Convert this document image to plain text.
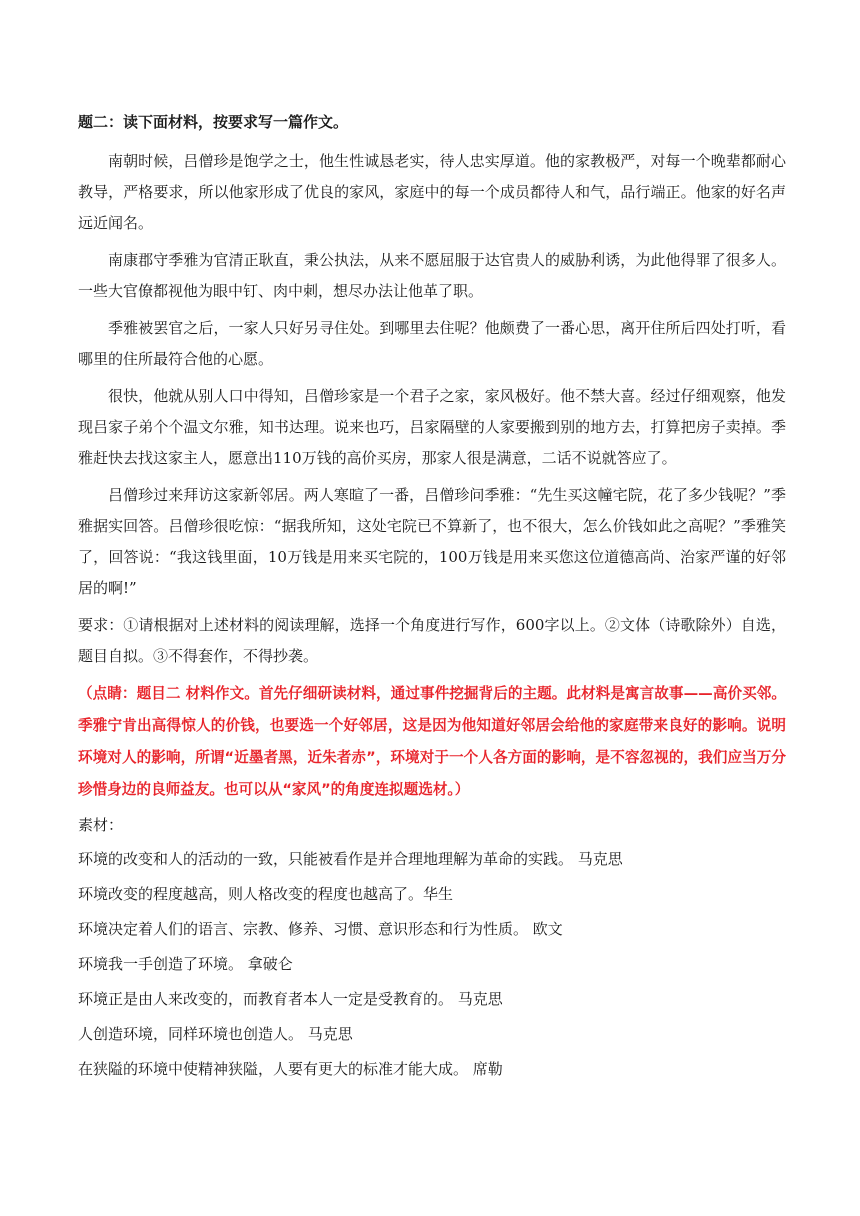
题二：读下面材料，按要求写一篇作文。

南朝时候，吕僧珍是饱学之士，他生性诚恳老实，待人忠实厚道。他的家教极严，对每一个晚辈都耐心教导，严格要求，所以他家形成了优良的家风，家庭中的每一个成员都待人和气，品行端正。他家的好名声远近闻名。

南康郡守季雅为官清正耿直，秉公执法，从来不愿屈服于达官贵人的威胁利诱，为此他得罪了很多人。一些大官僚都视他为眼中钉、肉中刺，想尽办法让他革了职。

季雅被罢官之后，一家人只好另寻住处。到哪里去住呢？他颇费了一番心思，离开住所后四处打听，看哪里的住所最符合他的心愿。

很快，他就从别人口中得知，吕僧珍家是一个君子之家，家风极好。他不禁大喜。经过仔细观察，他发现吕家子弟个个温文尔雅，知书达理。说来也巧，吕家隔壁的人家要搬到别的地方去，打算把房子卖掉。季雅赶快去找这家主人，愿意出110万钱的高价买房，那家人很是满意，二话不说就答应了。

吕僧珍过来拜访这家新邻居。两人寒暄了一番，吕僧珍问季雅：“先生买这幢宅院，花了多少钱呢？”季雅据实回答。吕僧珍很吃惊：“据我所知，这处宅院已不算新了，也不很大，怎么价钱如此之高呢？”季雅笑了，回答说：“我这钱里面，10万钱是用来买宅院的，100万钱是用来买您这位道德高尚、治家严谨的好邻居的啊!”

要求：①请根据对上述材料的阅读理解，选择一个角度进行写作，600字以上。②文体（诗歌除外）自选，题目自拟。③不得套作，不得抄袭。

（点睛：题目二 材料作文。首先仔细研读材料，通过事件挖掘背后的主题。此材料是寓言故事——高价买邻。季雅宁肯出高得惊人的价钱，也要选一个好邻居，这是因为他知道好邻居会给他的家庭带来良好的影响。说明环境对人的影响，所谓“近墨者黑，近朱者赤”，环境对于一个人各方面的影响，是不容忽视的，我们应当万分珍惜身边的良师益友。也可以从“家风”的角度连拟题选材。）

素材：

环境的改变和人的活动的一致，只能被看作是并合理地理解为革命的实践。 马克思

环境改变的程度越高，则人格改变的程度也越高了。华生

环境决定着人们的语言、宗教、修养、习惯、意识形态和行为性质。 欧文

环境我一手创造了环境。 拿破仑

环境正是由人来改变的，而教育者本人一定是受教育的。 马克思

人创造环境，同样环境也创造人。 马克思

在狭隘的环境中使精神狭隘，人要有更大的标准才能大成。 席勒
